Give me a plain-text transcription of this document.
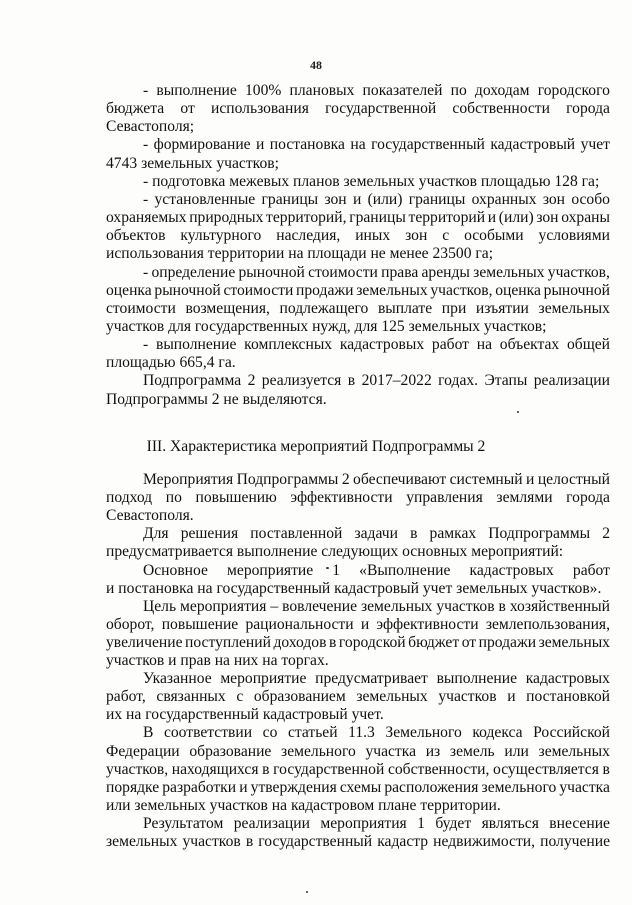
48
- выполнение 100% плановых показателей по доходам городского
бюджета от использования государственной собственности города
Севастополя;
- формирование и постановка на государственный кадастровый учет
4743 земельных участков;
- подготовка межевых планов земельных участков площадью 128 га;
- установленные границы зон и (или) границы охранных зон особо
охраняемых природных территорий, границы территорий и (или) зон охраны
объектов культурного наследия, иных зон с особыми условиями
использования территории на площади не менее 23500 га;
- определение рыночной стоимости права аренды земельных участков,
оценка рыночной стоимости продажи земельных участков, оценка рыночной
стоимости возмещения, подлежащего выплате при изъятии земельных
участков для государственных нужд, для 125 земельных участков;
- выполнение комплексных кадастровых работ на объектах общей
площадью 665,4 га.
Подпрограмма 2 реализуется в 2017–2022 годах. Этапы реализации
Подпрограммы 2 не выделяются.
III. Характеристика мероприятий Подпрограммы 2
Мероприятия Подпрограммы 2 обеспечивают системный и целостный
подход по повышению эффективности управления землями города
Севастополя.
Для решения поставленной задачи в рамках Подпрограммы 2
предусматривается выполнение следующих основных мероприятий:
Основное мероприятие 1 «Выполнение кадастровых работ
и постановка на государственный кадастровый учет земельных участков».
Цель мероприятия – вовлечение земельных участков в хозяйственный
оборот, повышение рациональности и эффективности землепользования,
увеличение поступлений доходов в городской бюджет от продажи земельных
участков и прав на них на торгах.
Указанное мероприятие предусматривает выполнение кадастровых
работ, связанных с образованием земельных участков и постановкой
их на государственный кадастровый учет.
В соответствии со статьей 11.3 Земельного кодекса Российской
Федерации образование земельного участка из земель или земельных
участков, находящихся в государственной собственности, осуществляется в
порядке разработки и утверждения схемы расположения земельного участка
или земельных участков на кадастровом плане территории.
Результатом реализации мероприятия 1 будет являться внесение
земельных участков в государственный кадастр недвижимости, получение
